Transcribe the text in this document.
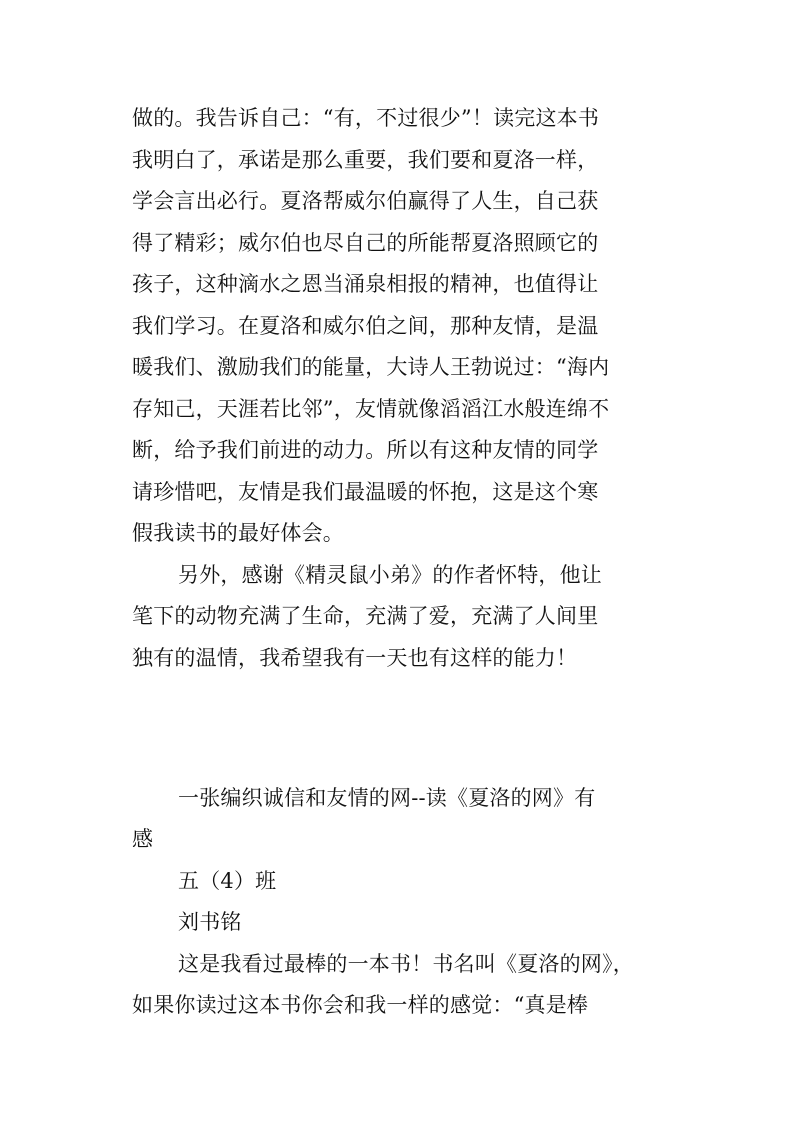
做的。我告诉自己：“有，不过很少”！读完这本书
我明白了，承诺是那么重要，我们要和夏洛一样，
学会言出必行。夏洛帮威尔伯赢得了人生，自己获
得了精彩；威尔伯也尽自己的所能帮夏洛照顾它的
孩子，这种滴水之恩当涌泉相报的精神，也值得让
我们学习。在夏洛和威尔伯之间，那种友情，是温
暖我们、激励我们的能量，大诗人王勃说过：“海内
存知己，天涯若比邻”，友情就像滔滔江水般连绵不
断，给予我们前进的动力。所以有这种友情的同学
请珍惜吧，友情是我们最温暖的怀抱，这是这个寒
假我读书的最好体会。
另外，感谢《精灵鼠小弟》的作者怀特，他让
笔下的动物充满了生命，充满了爱，充满了人间里
独有的温情，我希望我有一天也有这样的能力！
一张编织诚信和友情的网--读《夏洛的网》有
感
五（4）班
刘书铭
这是我看过最棒的一本书！书名叫《夏洛的网》，
如果你读过这本书你会和我一样的感觉：“真是棒
